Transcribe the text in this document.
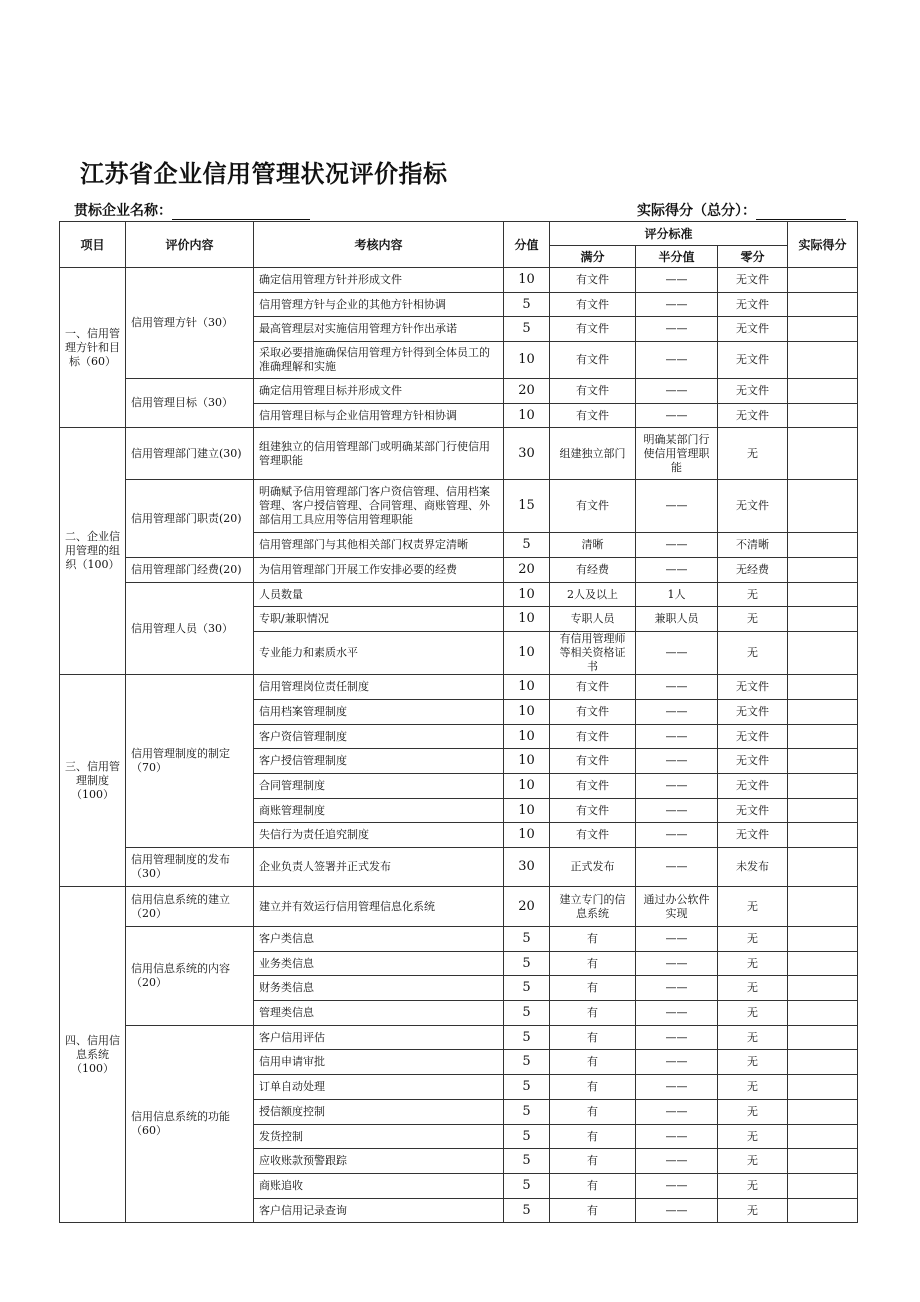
江苏省企业信用管理状况评价指标
贯标企业名称：	实际得分（总分）：
项目	评价内容	考核内容	分值	评分标准			实际得分
				满分	半分值	零分	
一、信用管理方针和目标（60）	信用管理方针（30）	确定信用管理方针并形成文件	10	有文件	——	无文件	
		信用管理方针与企业的其他方针相协调	5	有文件	——	无文件	
		最高管理层对实施信用管理方针作出承诺	5	有文件	——	无文件	
		采取必要措施确保信用管理方针得到全体员工的准确理解和实施	10	有文件	——	无文件	
	信用管理目标（30）	确定信用管理目标并形成文件	20	有文件	——	无文件	
		信用管理目标与企业信用管理方针相协调	10	有文件	——	无文件	
二、企业信用管理的组织（100）	信用管理部门建立(30)	组建独立的信用管理部门或明确某部门行使信用管理职能	30	组建独立部门	明确某部门行使信用管理职能	无	
	信用管理部门职责(20)	明确赋予信用管理部门客户资信管理、信用档案管理、客户授信管理、合同管理、商账管理、外部信用工具应用等信用管理职能	15	有文件	——	无文件	
		信用管理部门与其他相关部门权责界定清晰	5	清晰	——	不清晰	
	信用管理部门经费(20)	为信用管理部门开展工作安排必要的经费	20	有经费	——	无经费	
	信用管理人员（30）	人员数量	10	2人及以上	1人	无	
		专职/兼职情况	10	专职人员	兼职人员	无	
		专业能力和素质水平	10	有信用管理师等相关资格证书	——	无	
三、信用管理制度（100）	信用管理制度的制定（70）	信用管理岗位责任制度	10	有文件	——	无文件	
		信用档案管理制度	10	有文件	——	无文件	
		客户资信管理制度	10	有文件	——	无文件	
		客户授信管理制度	10	有文件	——	无文件	
		合同管理制度	10	有文件	——	无文件	
		商账管理制度	10	有文件	——	无文件	
		失信行为责任追究制度	10	有文件	——	无文件	
	信用管理制度的发布（30）	企业负责人签署并正式发布	30	正式发布	——	未发布	
四、信用信息系统（100）	信用信息系统的建立（20）	建立并有效运行信用管理信息化系统	20	建立专门的信息系统	通过办公软件实现	无	
	信用信息系统的内容（20）	客户类信息	5	有	——	无	
		业务类信息	5	有	——	无	
		财务类信息	5	有	——	无	
		管理类信息	5	有	——	无	
	信用信息系统的功能（60）	客户信用评估	5	有	——	无	
		信用申请审批	5	有	——	无	
		订单自动处理	5	有	——	无	
		授信额度控制	5	有	——	无	
		发货控制	5	有	——	无	
		应收账款预警跟踪	5	有	——	无	
		商账追收	5	有	——	无	
		客户信用记录查询	5	有	——	无	
